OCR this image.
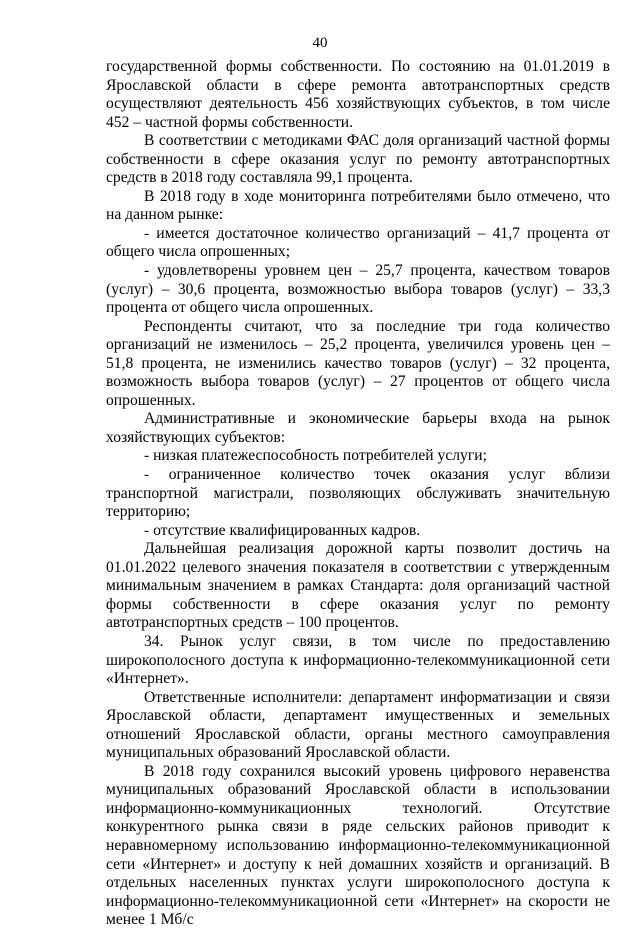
40

государственной формы собственности. По состоянию на 01.01.2019 в Ярославской области в сфере ремонта автотранспортных средств осуществляют деятельность 456 хозяйствующих субъектов, в том числе 452 – частной формы собственности.

В соответствии с методиками ФАС доля организаций частной формы собственности в сфере оказания услуг по ремонту автотранспортных средств в 2018 году составляла 99,1 процента.

В 2018 году в ходе мониторинга потребителями было отмечено, что на данном рынке:

- имеется достаточное количество организаций – 41,7 процента от общего числа опрошенных;

- удовлетворены уровнем цен – 25,7 процента, качеством товаров (услуг) – 30,6 процента, возможностью выбора товаров (услуг) – 33,3 процента от общего числа опрошенных.

Респонденты считают, что за последние три года количество организаций не изменилось – 25,2 процента, увеличился уровень цен – 51,8 процента, не изменились качество товаров (услуг) – 32 процента, возможность выбора товаров (услуг) – 27 процентов от общего числа опрошенных.

Административные и экономические барьеры входа на рынок хозяйствующих субъектов:

- низкая платежеспособность потребителей услуги;

- ограниченное количество точек оказания услуг вблизи транспортной магистрали, позволяющих обслуживать значительную территорию;

- отсутствие квалифицированных кадров.

Дальнейшая реализация дорожной карты позволит достичь на 01.01.2022 целевого значения показателя в соответствии с утвержденным минимальным значением в рамках Стандарта: доля организаций частной формы собственности в сфере оказания услуг по ремонту автотранспортных средств – 100 процентов.

34. Рынок услуг связи, в том числе по предоставлению широкополосного доступа к информационно-телекоммуникационной сети «Интернет».

Ответственные исполнители: департамент информатизации и связи Ярославской области, департамент имущественных и земельных отношений Ярославской области, органы местного самоуправления муниципальных образований Ярославской области.

В 2018 году сохранился высокий уровень цифрового неравенства муниципальных образований Ярославской области в использовании информационно-коммуникационных технологий. Отсутствие конкурентного рынка связи в ряде сельских районов приводит к неравномерному использованию информационно-телекоммуникационной сети «Интернет» и доступу к ней домашних хозяйств и организаций. В отдельных населенных пунктах услуги широкополосного доступа к информационно-телекоммуникационной сети «Интернет» на скорости не менее 1 Мб/с
